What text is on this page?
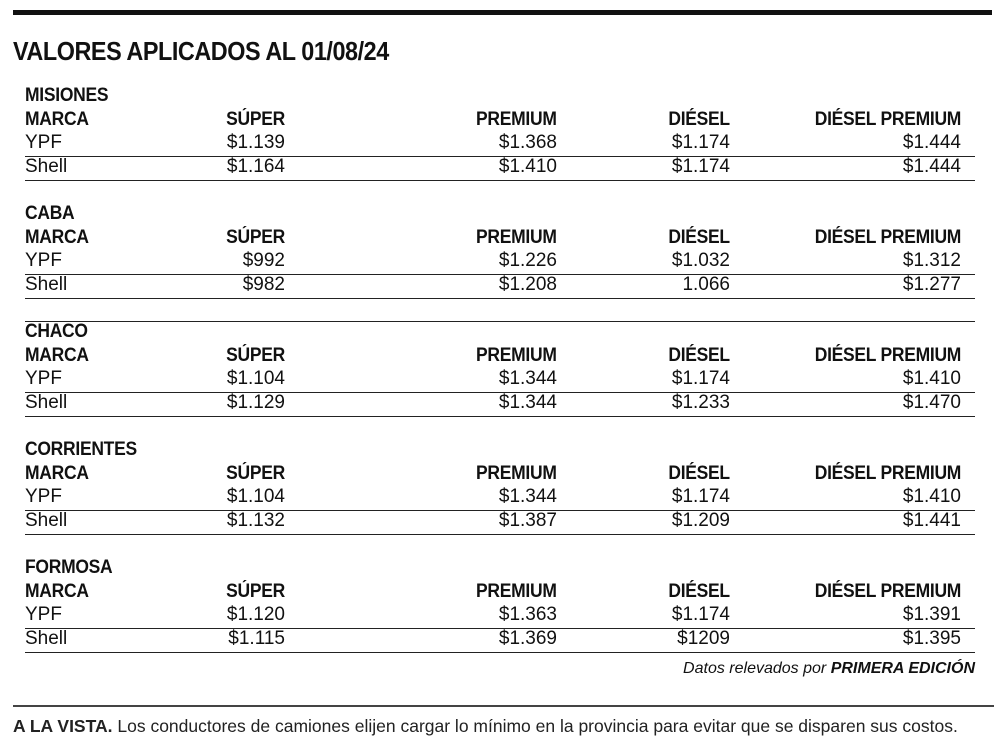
VALORES APLICADOS AL 01/08/24
MISIONES
MARCA	SÚPER	PREMIUM	DIÉSEL	DIÉSEL PREMIUM
YPF	$1.139	$1.368	$1.174	$1.444
Shell	$1.164	$1.410	$1.174	$1.444
CABA
MARCA	SÚPER	PREMIUM	DIÉSEL	DIÉSEL PREMIUM
YPF	$992	$1.226	$1.032	$1.312
Shell	$982	$1.208	1.066	$1.277
CHACO
MARCA	SÚPER	PREMIUM	DIÉSEL	DIÉSEL PREMIUM
YPF	$1.104	$1.344	$1.174	$1.410
Shell	$1.129	$1.344	$1.233	$1.470
CORRIENTES
MARCA	SÚPER	PREMIUM	DIÉSEL	DIÉSEL PREMIUM
YPF	$1.104	$1.344	$1.174	$1.410
Shell	$1.132	$1.387	$1.209	$1.441
FORMOSA
MARCA	SÚPER	PREMIUM	DIÉSEL	DIÉSEL PREMIUM
YPF	$1.120	$1.363	$1.174	$1.391
Shell	$1.115	$1.369	$1209	$1.395
Datos relevados por PRIMERA EDICIÓN
A LA VISTA. Los conductores de camiones elijen cargar lo mínimo en la provincia para evitar que se disparen sus costos.
